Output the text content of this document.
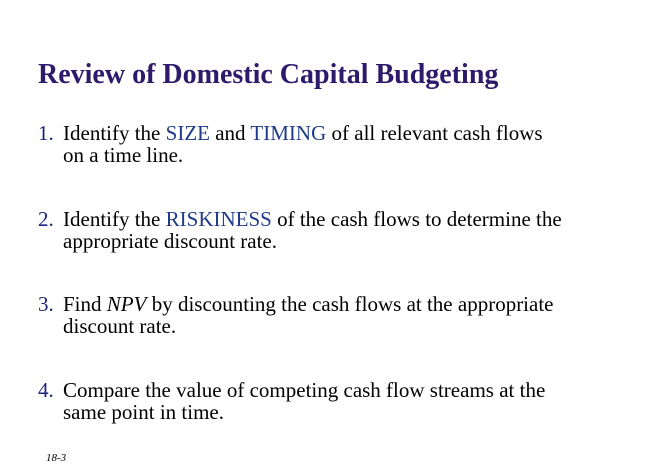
Review of Domestic Capital Budgeting
1. Identify the SIZE and TIMING of all relevant cash flows
on a time line.
2. Identify the RISKINESS of the cash flows to determine the
appropriate discount rate.
3. Find NPV by discounting the cash flows at the appropriate
discount rate.
4. Compare the value of competing cash flow streams at the
same point in time.
18-3
